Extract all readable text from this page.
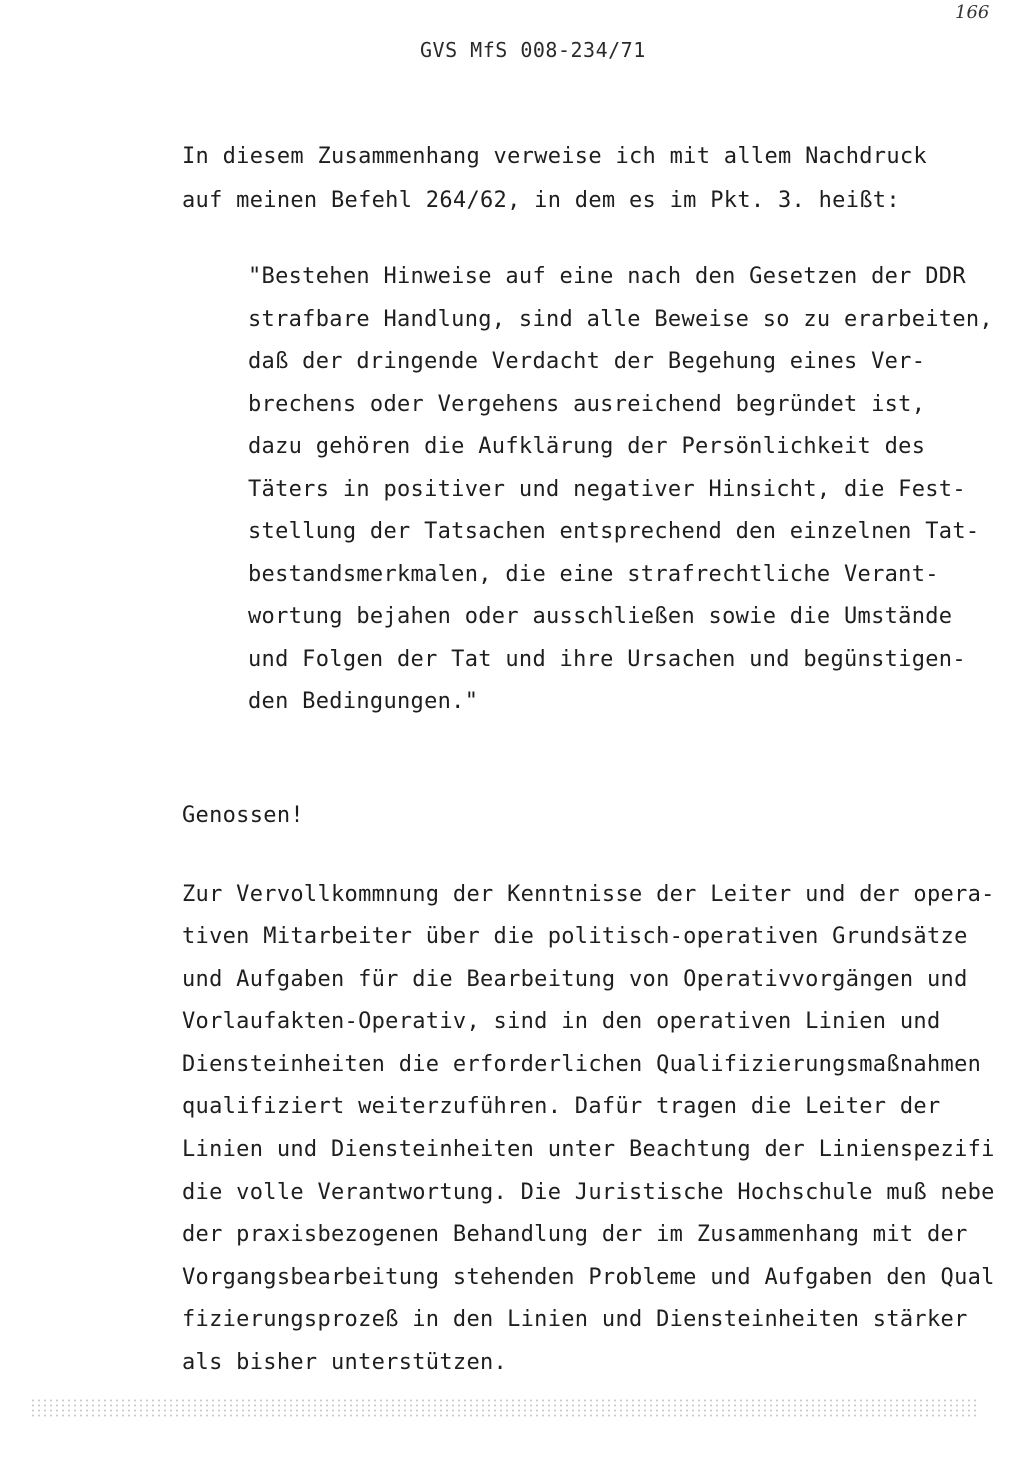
166
GVS MfS 008-234/71
In diesem Zusammenhang verweise ich mit allem Nachdruck
auf meinen Befehl 264/62, in dem es im Pkt. 3. heißt:
"Bestehen Hinweise auf eine nach den Gesetzen der DDR
strafbare Handlung, sind alle Beweise so zu erarbeiten,
daß der dringende Verdacht der Begehung eines Ver-
brechens oder Vergehens ausreichend begründet ist,
dazu gehören die Aufklärung der Persönlichkeit des
Täters in positiver und negativer Hinsicht, die Fest-
stellung der Tatsachen entsprechend den einzelnen Tat-
bestandsmerkmalen, die eine strafrechtliche Verant-
wortung bejahen oder ausschließen sowie die Umstände
und Folgen der Tat und ihre Ursachen und begünstigen-
den Bedingungen."
Genossen!
Zur Vervollkommnung der Kenntnisse der Leiter und der opera-
tiven Mitarbeiter über die politisch-operativen Grundsätze
und Aufgaben für die Bearbeitung von Operativvorgängen und
Vorlaufakten-Operativ, sind in den operativen Linien und
Diensteinheiten die erforderlichen Qualifizierungsmaßnahmen
qualifiziert weiterzuführen. Dafür tragen die Leiter der
Linien und Diensteinheiten unter Beachtung der Linienspezifi
die volle Verantwortung. Die Juristische Hochschule muß nebe
der praxisbezogenen Behandlung der im Zusammenhang mit der
Vorgangsbearbeitung stehenden Probleme und Aufgaben den Qual
fizierungsprozeß in den Linien und Diensteinheiten stärker
als bisher unterstützen.
